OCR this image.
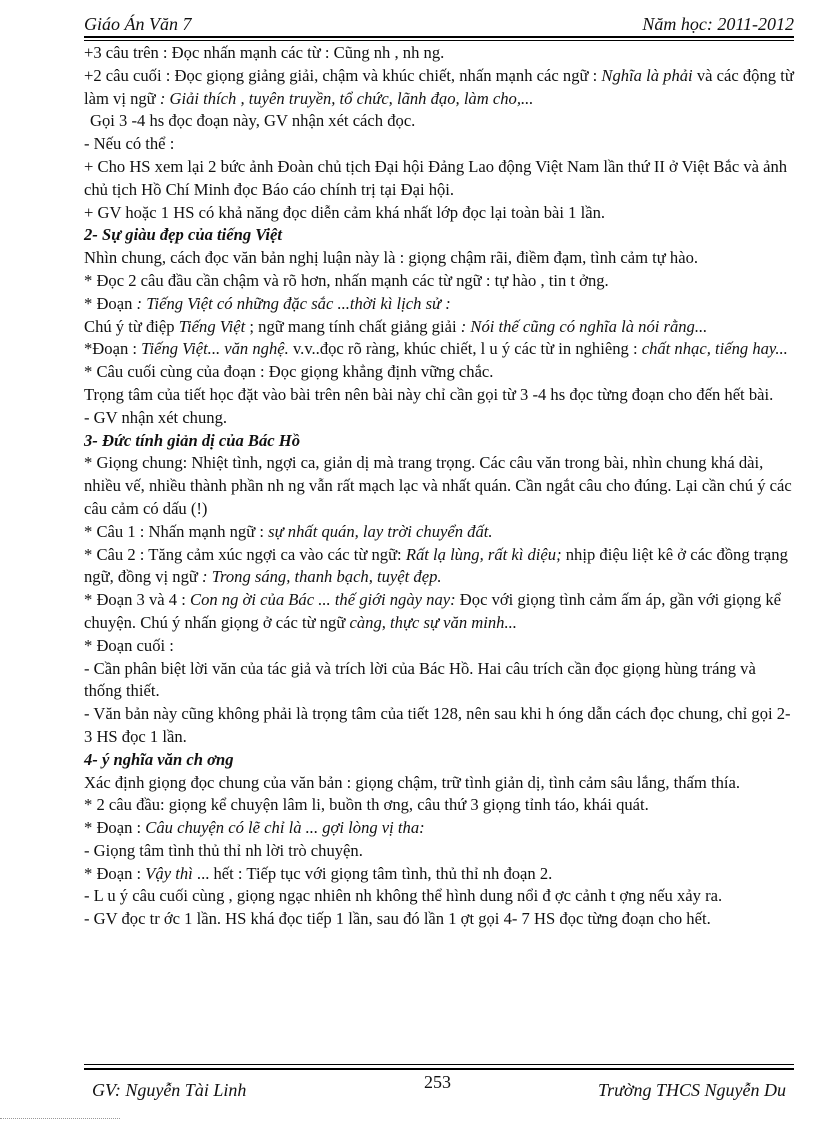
Giáo Án Văn 7	Năm học: 2011-2012

+3 câu trên : Đọc nhấn mạnh các từ : Cũng nh , nh ng.

+2 câu cuối : Đọc giọng giảng giải, chậm và khúc chiết, nhấn mạnh các ngữ : Nghĩa là phải và các động từ làm vị ngữ : Giải thích , tuyên truyền, tổ chức, lãnh đạo, làm cho,...

Gọi 3 -4 hs đọc đoạn này, GV nhận xét cách đọc.

- Nếu có thể :

+ Cho HS xem lại 2 bức ảnh Đoàn chủ tịch Đại hội Đảng Lao động Việt Nam lần thứ II ở Việt Bắc và ảnh chủ tịch Hồ Chí Minh đọc Báo cáo chính trị tại Đại hội.

+ GV hoặc 1 HS có khả năng đọc diễn cảm khá nhất lớp đọc lại toàn bài 1 lần.

2- Sự giàu đẹp của tiếng Việt

Nhìn chung, cách đọc văn bản nghị luận này là : giọng chậm rãi, điềm đạm, tình cảm tự hào.

* Đọc 2 câu đầu cần chậm và rõ hơn, nhấn mạnh các từ ngữ : tự hào , tin t ởng.

* Đoạn : Tiếng Việt có những đặc sắc ...thời kì lịch sử :

Chú ý từ điệp Tiếng Việt ; ngữ mang tính chất giảng giải : Nói thế cũng có nghĩa là nói rằng...

*Đoạn : Tiếng Việt... văn nghệ. v.v..đọc rõ ràng, khúc chiết, l u ý các từ in nghiêng : chất nhạc, tiếng hay...

* Câu cuối cùng của đoạn : Đọc giọng khẳng định vững chắc.

Trọng tâm của tiết học đặt vào bài trên nên bài này chỉ cần gọi từ 3 -4 hs đọc từng đoạn cho đến hết bài.

- GV nhận xét chung.

3- Đức tính giản dị của Bác Hồ

* Giọng chung: Nhiệt tình, ngợi ca, giản dị mà trang trọng. Các câu văn trong bài, nhìn chung khá dài, nhiều vế, nhiều thành phần nh ng vẫn rất mạch lạc và nhất quán. Cần ngắt câu cho đúng. Lại cần chú ý các câu cảm có dấu (!)

* Câu 1 : Nhấn mạnh ngữ : sự nhất quán, lay trời chuyển đất.

* Câu 2 : Tăng cảm xúc ngợi ca vào các từ ngữ: Rất lạ lùng, rất kì diệu; nhịp điệu liệt kê ở các đồng trạng ngữ, đồng vị ngữ : Trong sáng, thanh bạch, tuyệt đẹp.

* Đoạn 3 và 4 : Con ng ời của Bác ... thế giới ngày nay: Đọc với giọng tình cảm ấm áp, gần với giọng kể chuyện. Chú ý nhấn giọng ở các từ ngữ càng, thực sự văn minh...

* Đoạn cuối :

- Cần phân biệt lời văn của tác giả và trích lời của Bác Hồ. Hai câu trích cần đọc giọng hùng tráng và thống thiết.

- Văn bản này cũng không phải là trọng tâm của tiết 128, nên sau khi h óng dẫn cách đọc chung, chỉ gọi 2- 3 HS đọc 1 lần.

4- ý nghĩa văn ch ơng

Xác định giọng đọc chung của văn bản : giọng chậm, trữ tình giản dị, tình cảm sâu lắng, thấm thía.

* 2 câu đầu: giọng kể chuyện lâm li, buồn th ơng, câu thứ 3 giọng tỉnh táo, khái quát.

* Đoạn : Câu chuyện có lẽ chỉ là ... gợi lòng vị tha:

- Giọng tâm tình thủ thỉ nh lời trò chuyện.

* Đoạn : Vậy thì ... hết : Tiếp tục với giọng tâm tình, thủ thỉ nh đoạn 2.

- L u ý câu cuối cùng , giọng ngạc nhiên nh không thể hình dung nổi đ ợc cảnh t ợng nếu xảy ra.

- GV đọc tr ớc 1 lần. HS khá đọc tiếp 1 lần, sau đó lần 1 ợt gọi 4- 7 HS đọc từng đoạn cho hết.

GV: Nguyễn Tài Linh	253	Trường THCS Nguyễn Du
